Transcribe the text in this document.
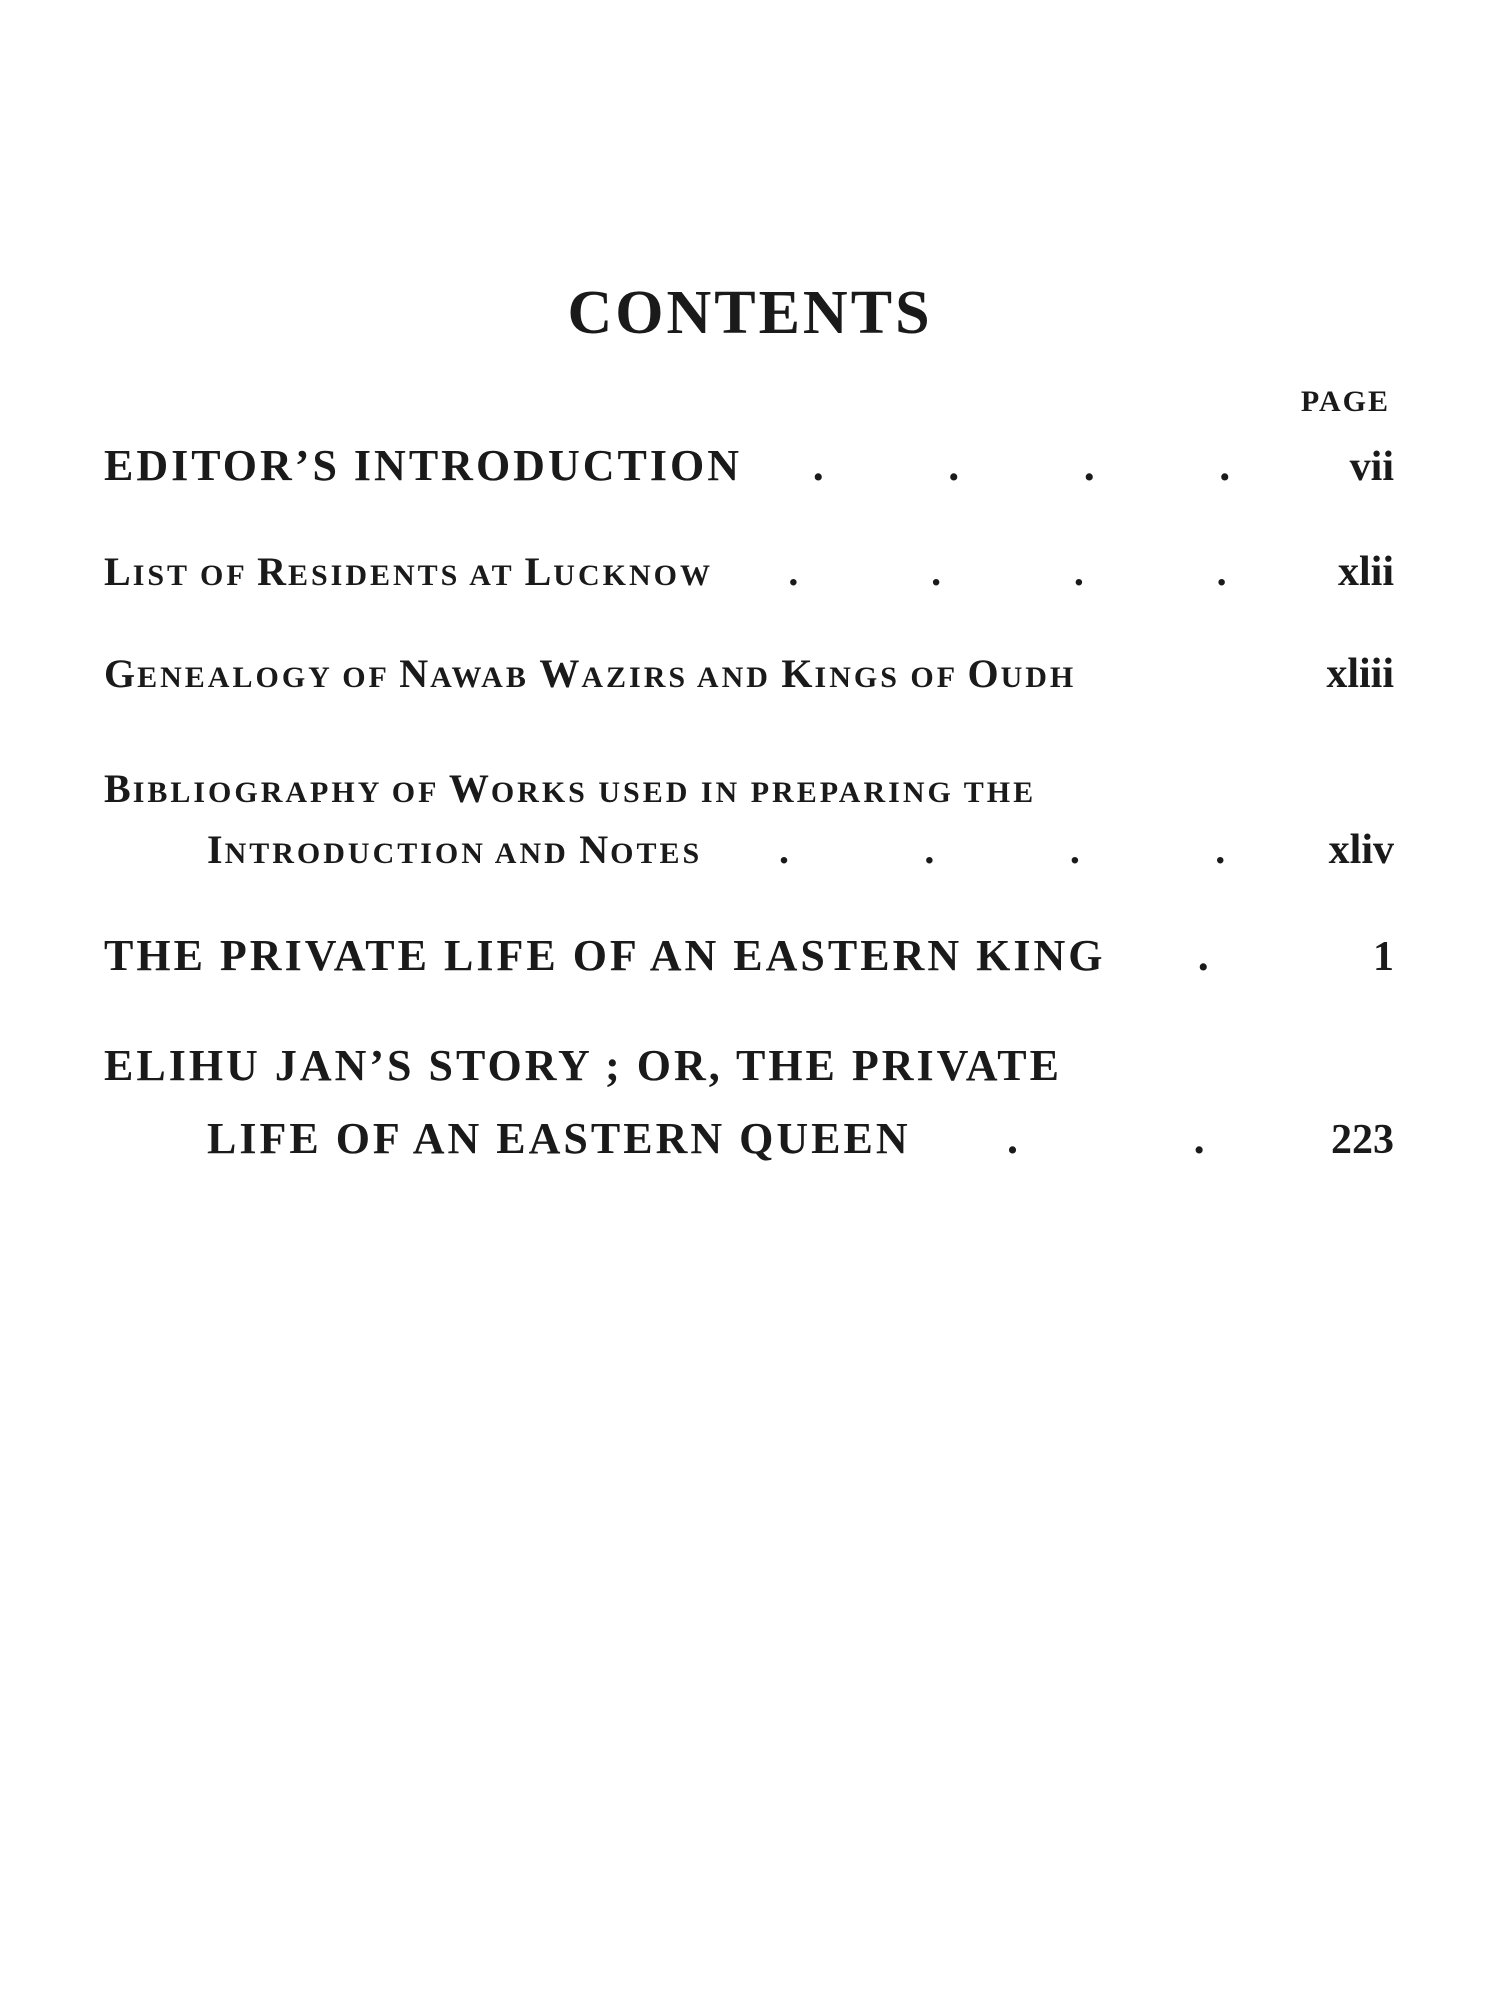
CONTENTS
PAGE
EDITOR’S INTRODUCTION .	.	.	.	vii
LIST OF RESIDENTS AT LUCKNOW .	.	.	.	xlii
GENEALOGY OF NAWAB WAZIRS AND KINGS OF OUDH	xliii
BIBLIOGRAPHY OF WORKS USED IN PREPARING THE
INTRODUCTION AND NOTES .	.	.	.	xliv
THE PRIVATE LIFE OF AN EASTERN KING .	1
ELIHU JAN’S STORY ; OR, THE PRIVATE
LIFE OF AN EASTERN QUEEN .	.	223
